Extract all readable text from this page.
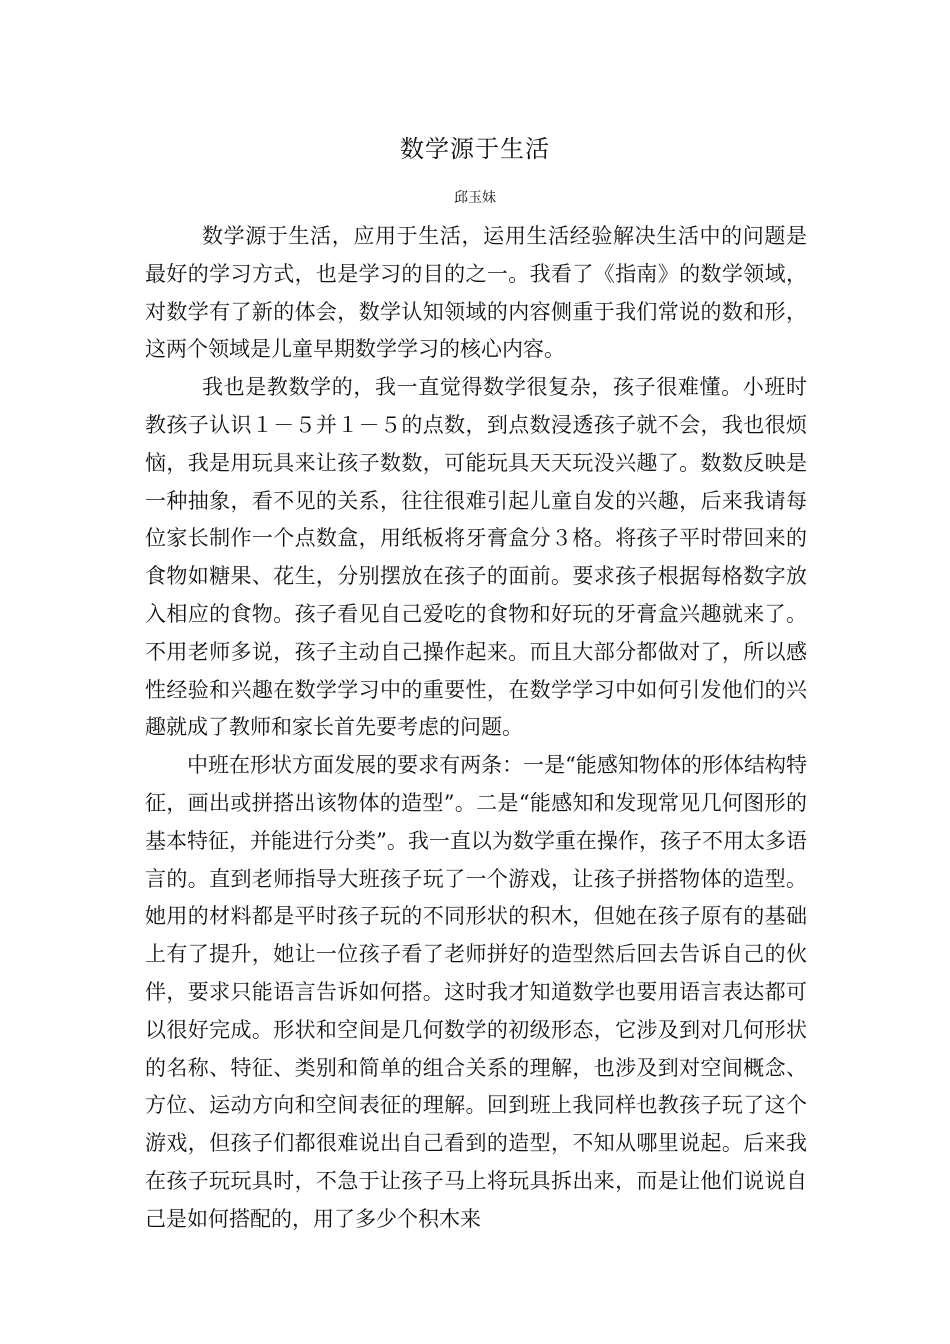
数学源于生活
邱玉妹

数学源于生活，应用于生活，运用生活经验解决生活中的问题是最好的学习方式，也是学习的目的之一。我看了《指南》的数学领域，对数学有了新的体会，数学认知领域的内容侧重于我们常说的数和形，这两个领域是儿童早期数学学习的核心内容。

我也是教数学的，我一直觉得数学很复杂，孩子很难懂。小班时教孩子认识１－５并１－５的点数，到点数浸透孩子就不会，我也很烦恼，我是用玩具来让孩子数数，可能玩具天天玩没兴趣了。数数反映是一种抽象，看不见的关系，往往很难引起儿童自发的兴趣，后来我请每位家长制作一个点数盒，用纸板将牙膏盒分３格。将孩子平时带回来的食物如糖果、花生，分别摆放在孩子的面前。要求孩子根据每格数字放入相应的食物。孩子看见自己爱吃的食物和好玩的牙膏盒兴趣就来了。不用老师多说，孩子主动自己操作起来。而且大部分都做对了，所以感性经验和兴趣在数学学习中的重要性，在数学学习中如何引发他们的兴趣就成了教师和家长首先要考虑的问题。

中班在形状方面发展的要求有两条：一是“能感知物体的形体结构特征，画出或拼搭出该物体的造型”。二是“能感知和发现常见几何图形的基本特征，并能进行分类”。我一直以为数学重在操作，孩子不用太多语言的。直到老师指导大班孩子玩了一个游戏，让孩子拼搭物体的造型。她用的材料都是平时孩子玩的不同形状的积木，但她在孩子原有的基础上有了提升，她让一位孩子看了老师拼好的造型然后回去告诉自己的伙伴，要求只能语言告诉如何搭。这时我才知道数学也要用语言表达都可以很好完成。形状和空间是几何数学的初级形态，它涉及到对几何形状的名称、特征、类别和简单的组合关系的理解，也涉及到对空间概念、方位、运动方向和空间表征的理解。回到班上我同样也教孩子玩了这个游戏，但孩子们都很难说出自己看到的造型，不知从哪里说起。后来我在孩子玩玩具时，不急于让孩子马上将玩具拆出来，而是让他们说说自己是如何搭配的，用了多少个积木来
